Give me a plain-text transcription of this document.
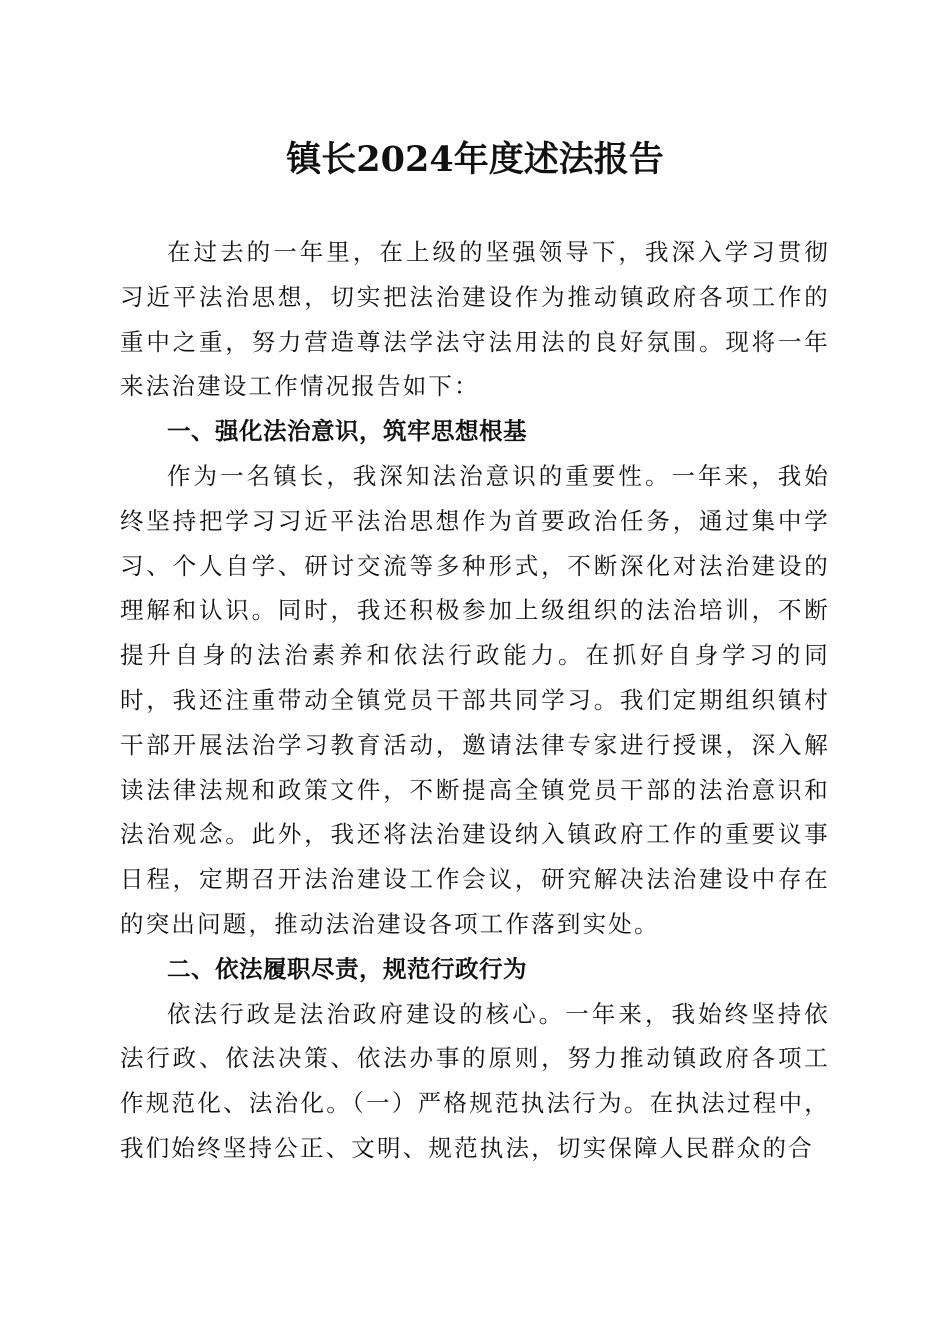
镇长2024年度述法报告

在过去的一年里，在上级的坚强领导下，我深入学习贯彻习近平法治思想，切实把法治建设作为推动镇政府各项工作的重中之重，努力营造尊法学法守法用法的良好氛围。现将一年来法治建设工作情况报告如下：

一、强化法治意识，筑牢思想根基

作为一名镇长，我深知法治意识的重要性。一年来，我始终坚持把学习习近平法治思想作为首要政治任务，通过集中学习、个人自学、研讨交流等多种形式，不断深化对法治建设的理解和认识。同时，我还积极参加上级组织的法治培训，不断提升自身的法治素养和依法行政能力。在抓好自身学习的同时，我还注重带动全镇党员干部共同学习。我们定期组织镇村干部开展法治学习教育活动，邀请法律专家进行授课，深入解读法律法规和政策文件，不断提高全镇党员干部的法治意识和法治观念。此外，我还将法治建设纳入镇政府工作的重要议事日程，定期召开法治建设工作会议，研究解决法治建设中存在的突出问题，推动法治建设各项工作落到实处。

二、依法履职尽责，规范行政行为

依法行政是法治政府建设的核心。一年来，我始终坚持依法行政、依法决策、依法办事的原则，努力推动镇政府各项工作规范化、法治化。（一）严格规范执法行为。在执法过程中，我们始终坚持公正、文明、规范执法，切实保障人民群众的合
